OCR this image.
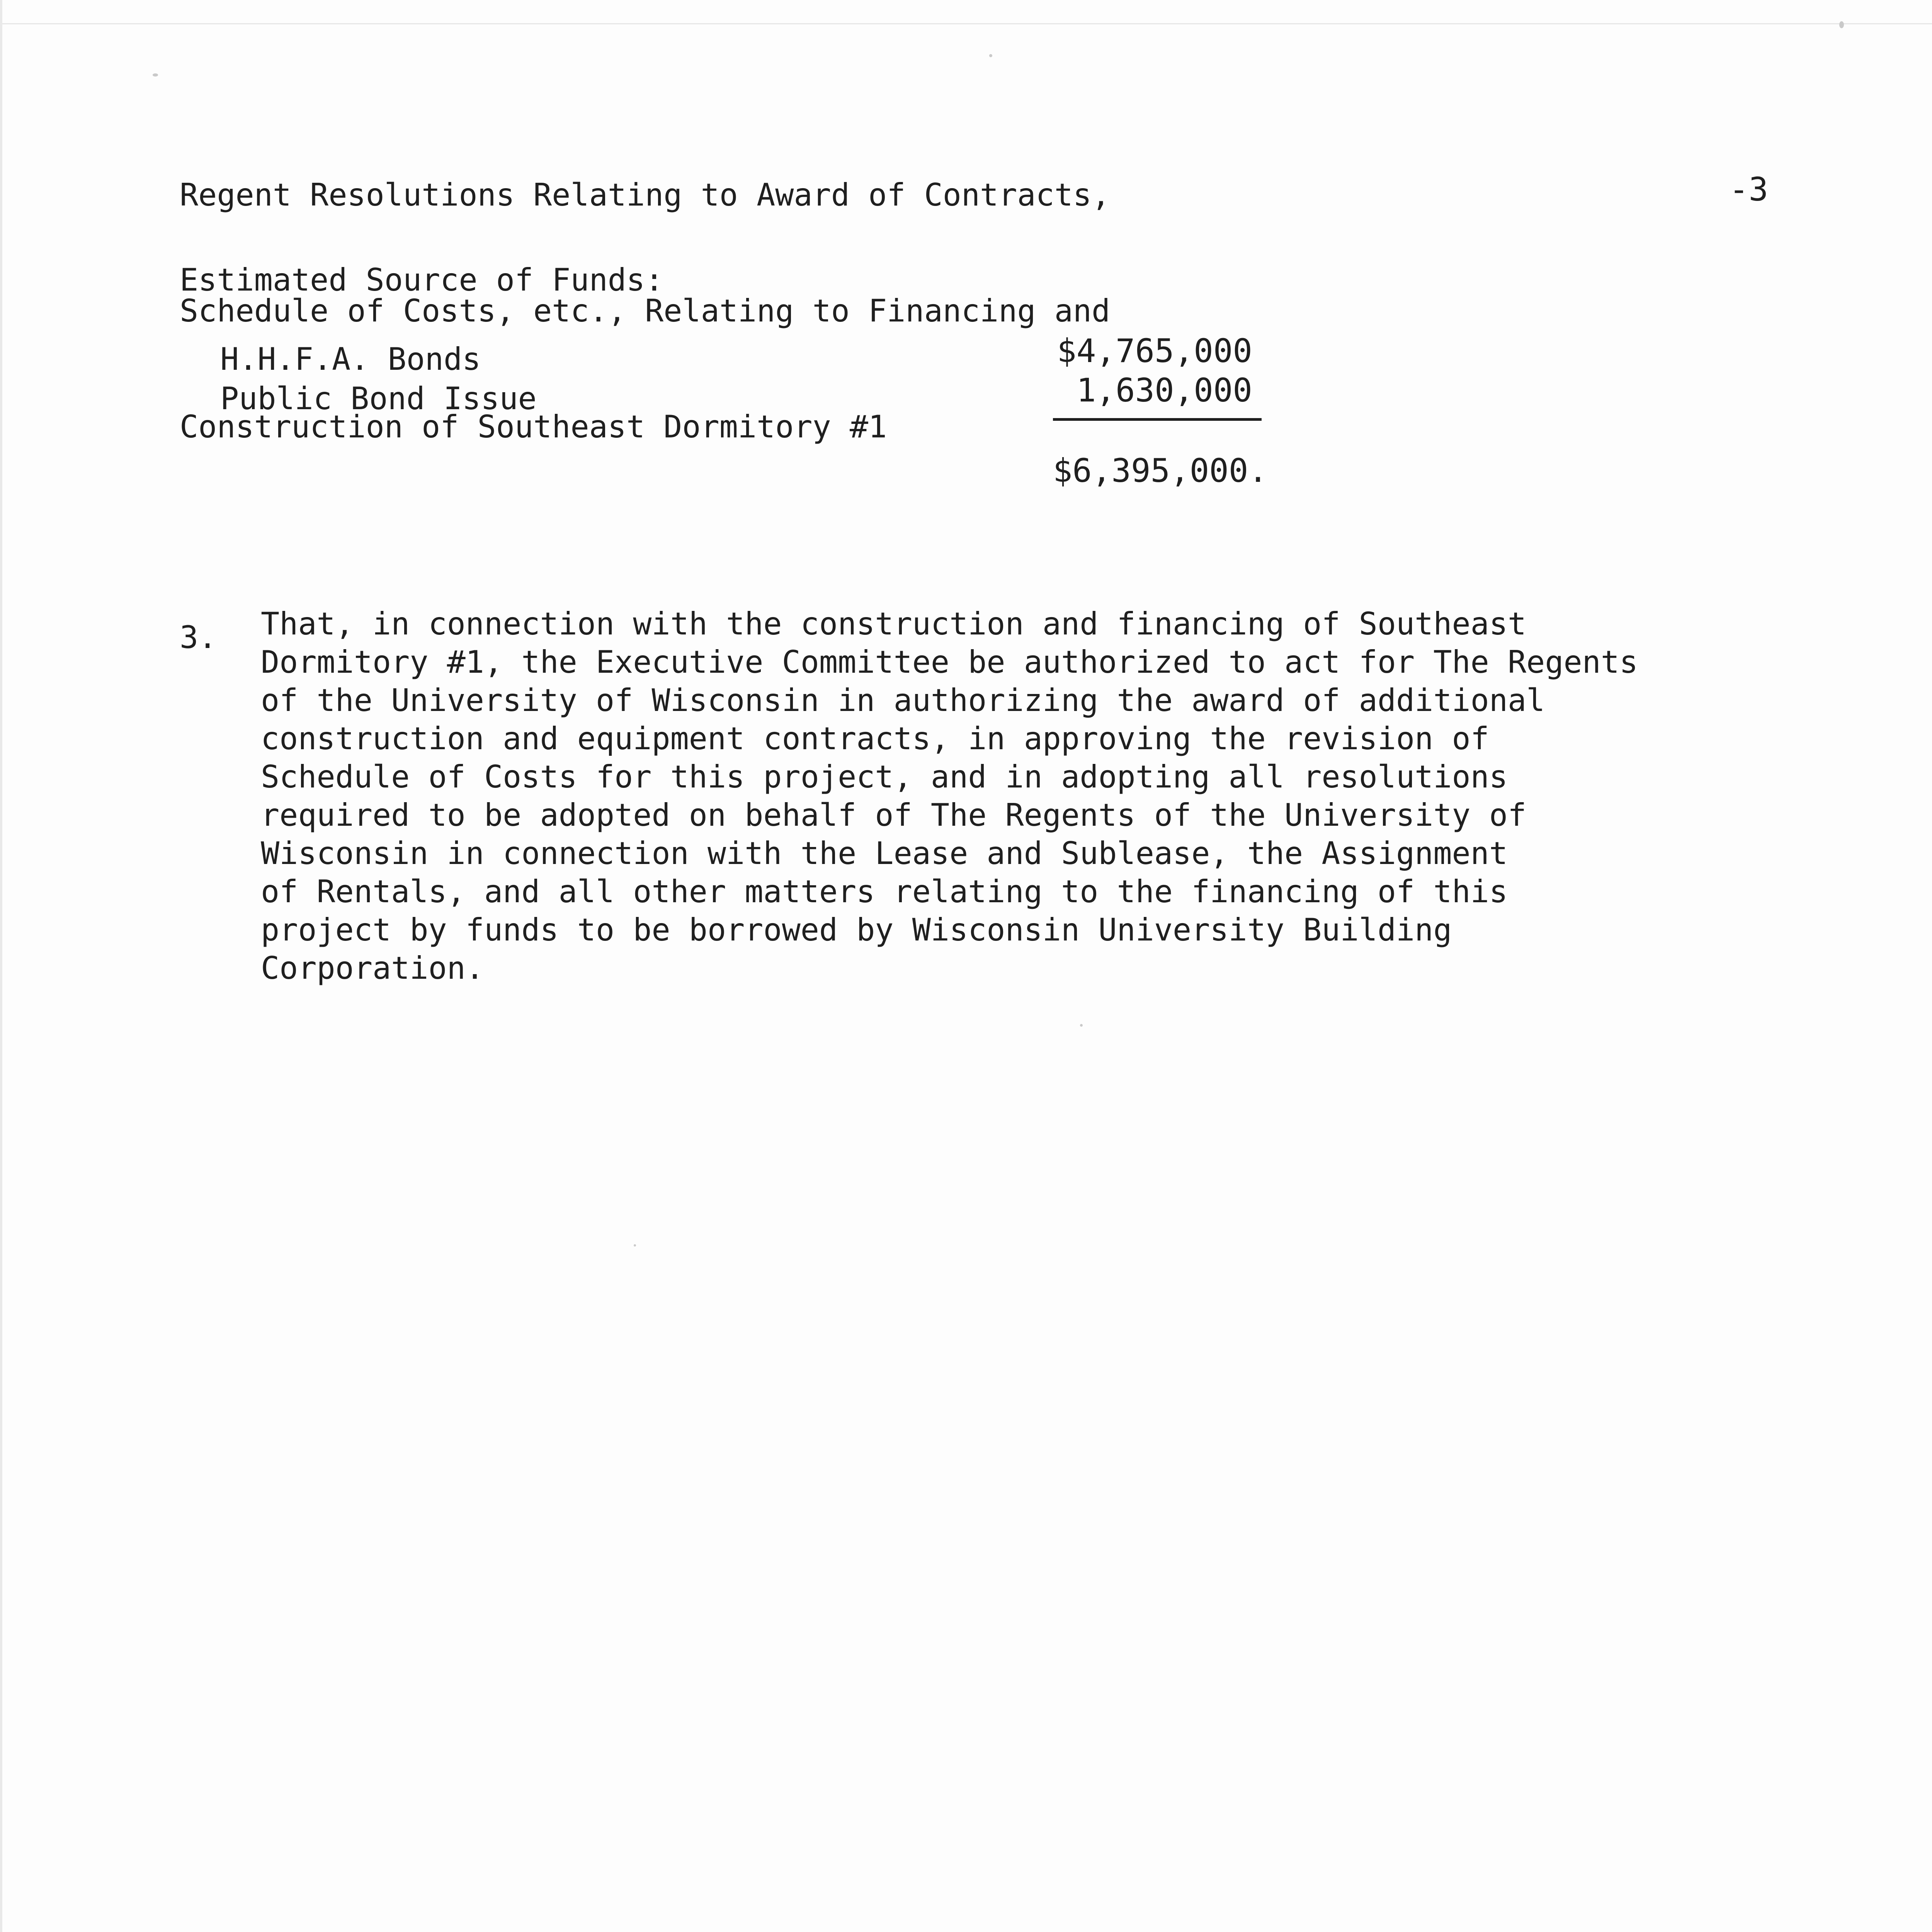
Regent Resolutions Relating to Award of Contracts,

Schedule of Costs, etc., Relating to Financing and

Construction of Southeast Dormitory #1

-3
Estimated Source of Funds:
H.H.F.A. Bonds
Public Bond Issue
$4,765,000
1,630,000
$6,395,000.
3. That, in connection with the construction and financing of Southeast
Dormitory #1, the Executive Committee be authorized to act for The Regents
of the University of Wisconsin in authorizing the award of additional
construction and equipment contracts, in approving the revision of
Schedule of Costs for this project, and in adopting all resolutions
required to be adopted on behalf of The Regents of the University of
Wisconsin in connection with the Lease and Sublease, the Assignment
of Rentals, and all other matters relating to the financing of this
project by funds to be borrowed by Wisconsin University Building
Corporation.
